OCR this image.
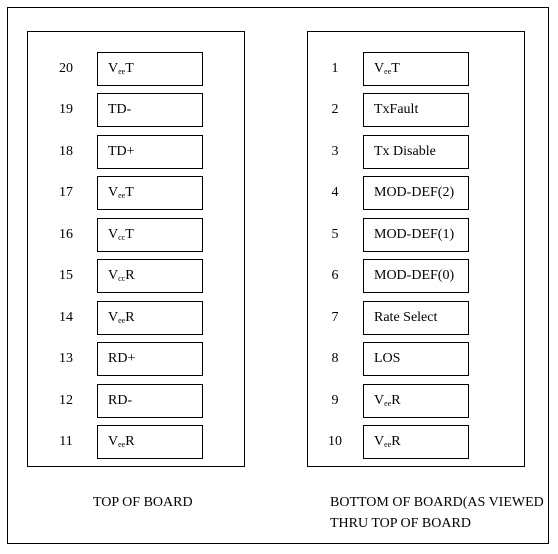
20	$V_{ee}T$
19	TD-
18	TD+
17	$V_{ee}T$
16	$V_{cc}T$
15	$V_{cc}R$
14	$V_{ee}R$
13	RD+
12	RD-
11	$V_{ee}R$
1	$V_{ee}T$
2	TxFault
3	Tx Disable
4	MOD-DEF(2)
5	MOD-DEF(1)
6	MOD-DEF(0)
7	Rate Select
8	LOS
9	$V_{ee}R$
10	$V_{ee}R$
TOP OF BOARD	BOTTOM OF BOARD(AS VIEWED
THRU TOP OF BOARD
